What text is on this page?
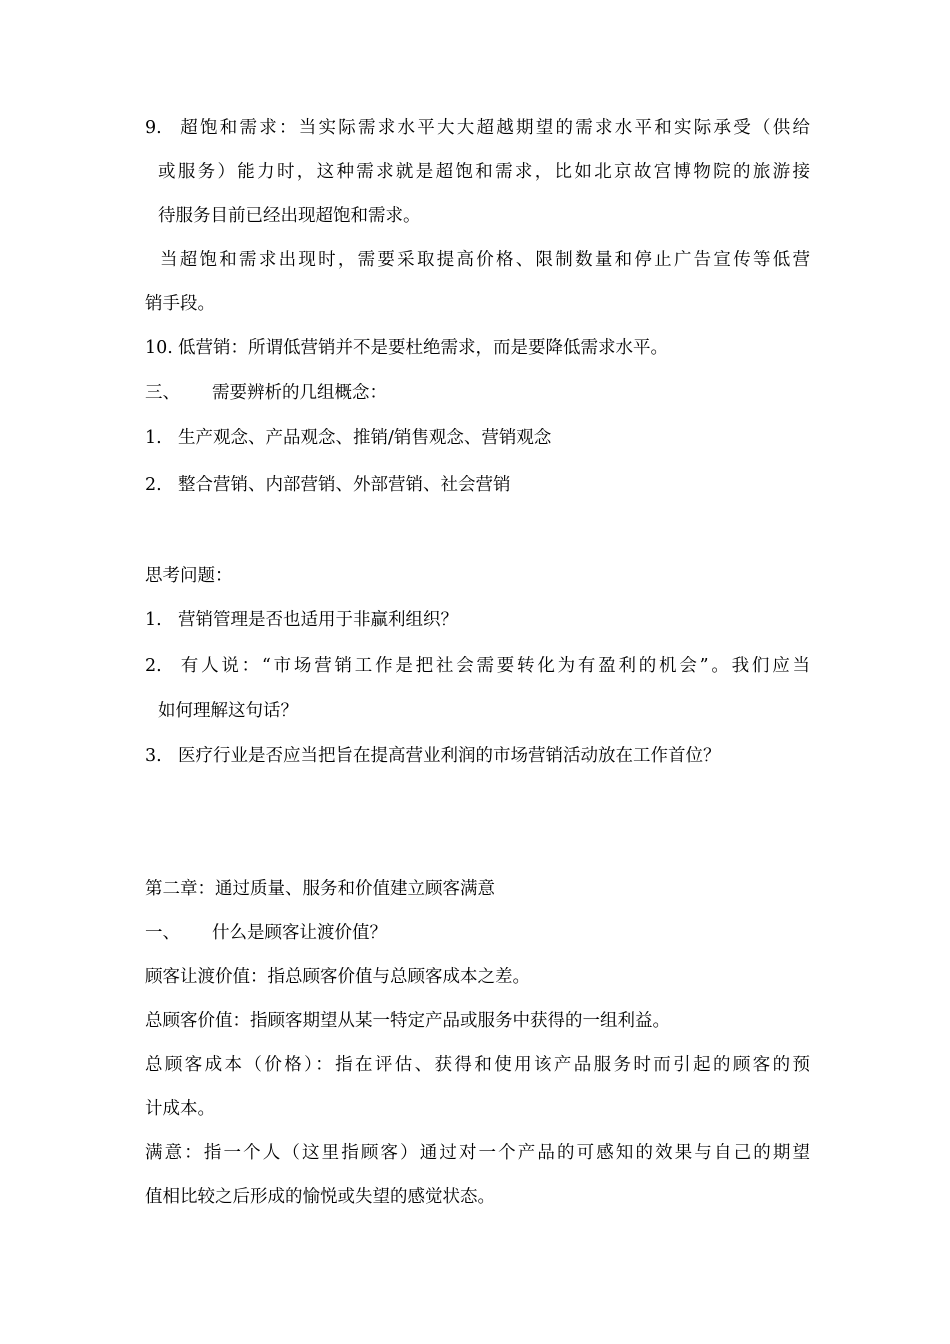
9. 超饱和需求：当实际需求水平大大超越期望的需求水平和实际承受（供给
或服务）能力时，这种需求就是超饱和需求，比如北京故宫博物院的旅游接
待服务目前已经出现超饱和需求。
当超饱和需求出现时，需要采取提高价格、限制数量和停止广告宣传等低营
销手段。
10. 低营销：所谓低营销并不是要杜绝需求，而是要降低需求水平。
三、 需要辨析的几组概念：
1. 生产观念、产品观念、推销/销售观念、营销观念
2. 整合营销、内部营销、外部营销、社会营销
思考问题：
1. 营销管理是否也适用于非赢利组织？
2. 有人说：“市场营销工作是把社会需要转化为有盈利的机会”。我们应当
如何理解这句话？
3. 医疗行业是否应当把旨在提高营业利润的市场营销活动放在工作首位？
第二章：通过质量、服务和价值建立顾客满意
一、 什么是顾客让渡价值？
顾客让渡价值：指总顾客价值与总顾客成本之差。
总顾客价值：指顾客期望从某一特定产品或服务中获得的一组利益。
总顾客成本（价格）：指在评估、获得和使用该产品服务时而引起的顾客的预
计成本。
满意：指一个人（这里指顾客）通过对一个产品的可感知的效果与自己的期望
值相比较之后形成的愉悦或失望的感觉状态。
